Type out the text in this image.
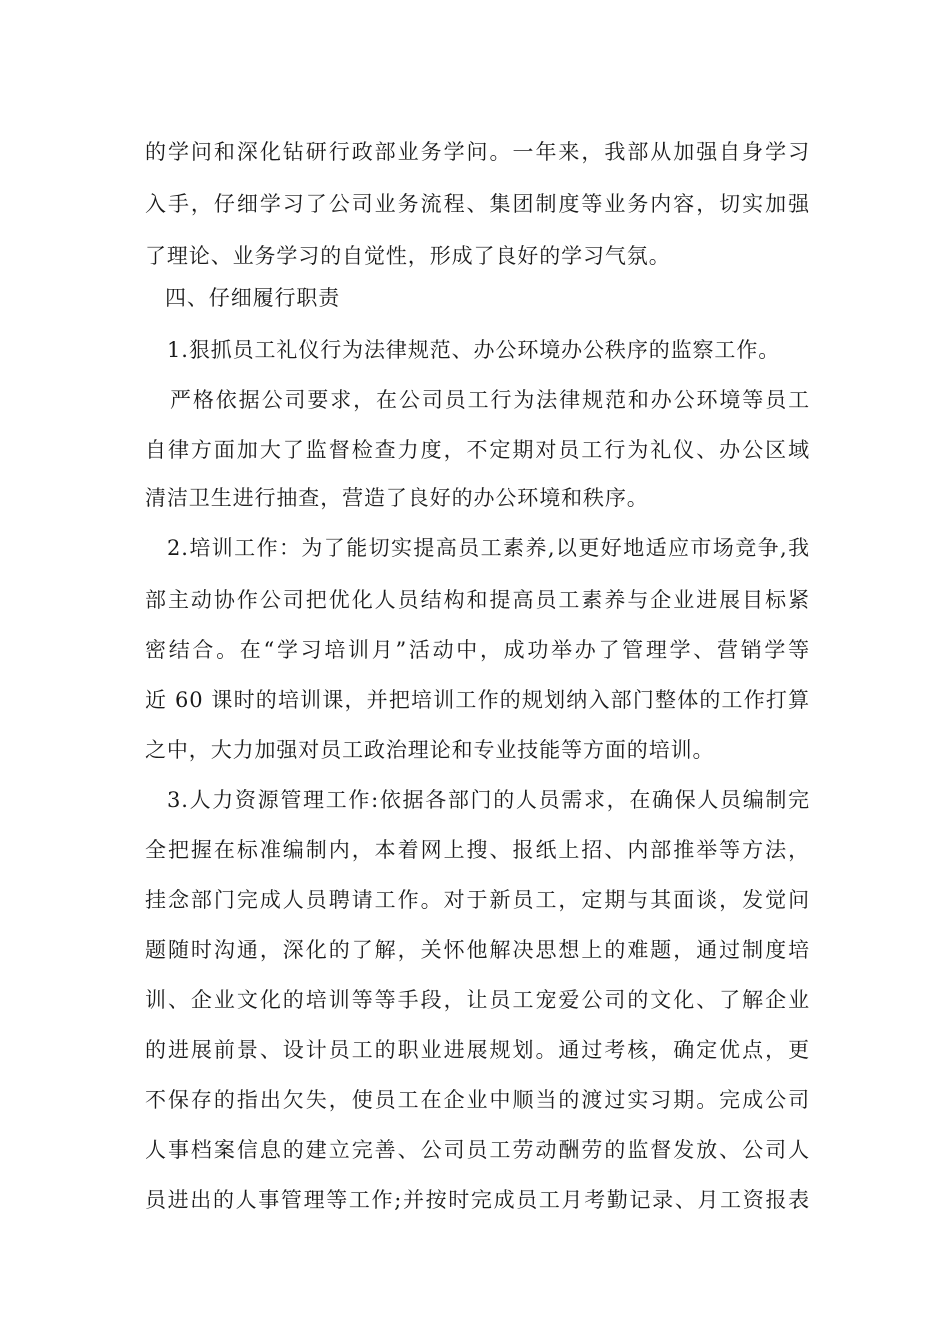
的学问和深化钻研行政部业务学问。一年来，我部从加强自身学习
入手，仔细学习了公司业务流程、集团制度等业务内容，切实加强
了理论、业务学习的自觉性，形成了良好的学习气氛。
四、仔细履行职责
1.狠抓员工礼仪行为法律规范、办公环境办公秩序的监察工作。
严格依据公司要求，在公司员工行为法律规范和办公环境等员工
自律方面加大了监督检查力度，不定期对员工行为礼仪、办公区域
清洁卫生进行抽查，营造了良好的办公环境和秩序。
2.培训工作：为了能切实提高员工素养,以更好地适应市场竞争,我
部主动协作公司把优化人员结构和提高员工素养与企业进展目标紧
密结合。在“学习培训月”活动中，成功举办了管理学、营销学等
近 60 课时的培训课，并把培训工作的规划纳入部门整体的工作打算
之中，大力加强对员工政治理论和专业技能等方面的培训。
3.人力资源管理工作:依据各部门的人员需求，在确保人员编制完
全把握在标准编制内，本着网上搜、报纸上招、内部推举等方法，
挂念部门完成人员聘请工作。对于新员工，定期与其面谈，发觉问
题随时沟通，深化的了解，关怀他解决思想上的难题，通过制度培
训、企业文化的培训等等手段，让员工宠爱公司的文化、了解企业
的进展前景、设计员工的职业进展规划。通过考核，确定优点，更
不保存的指出欠失，使员工在企业中顺当的渡过实习期。完成公司
人事档案信息的建立完善、公司员工劳动酬劳的监督发放、公司人
员进出的人事管理等工作;并按时完成员工月考勤记录、月工资报表
